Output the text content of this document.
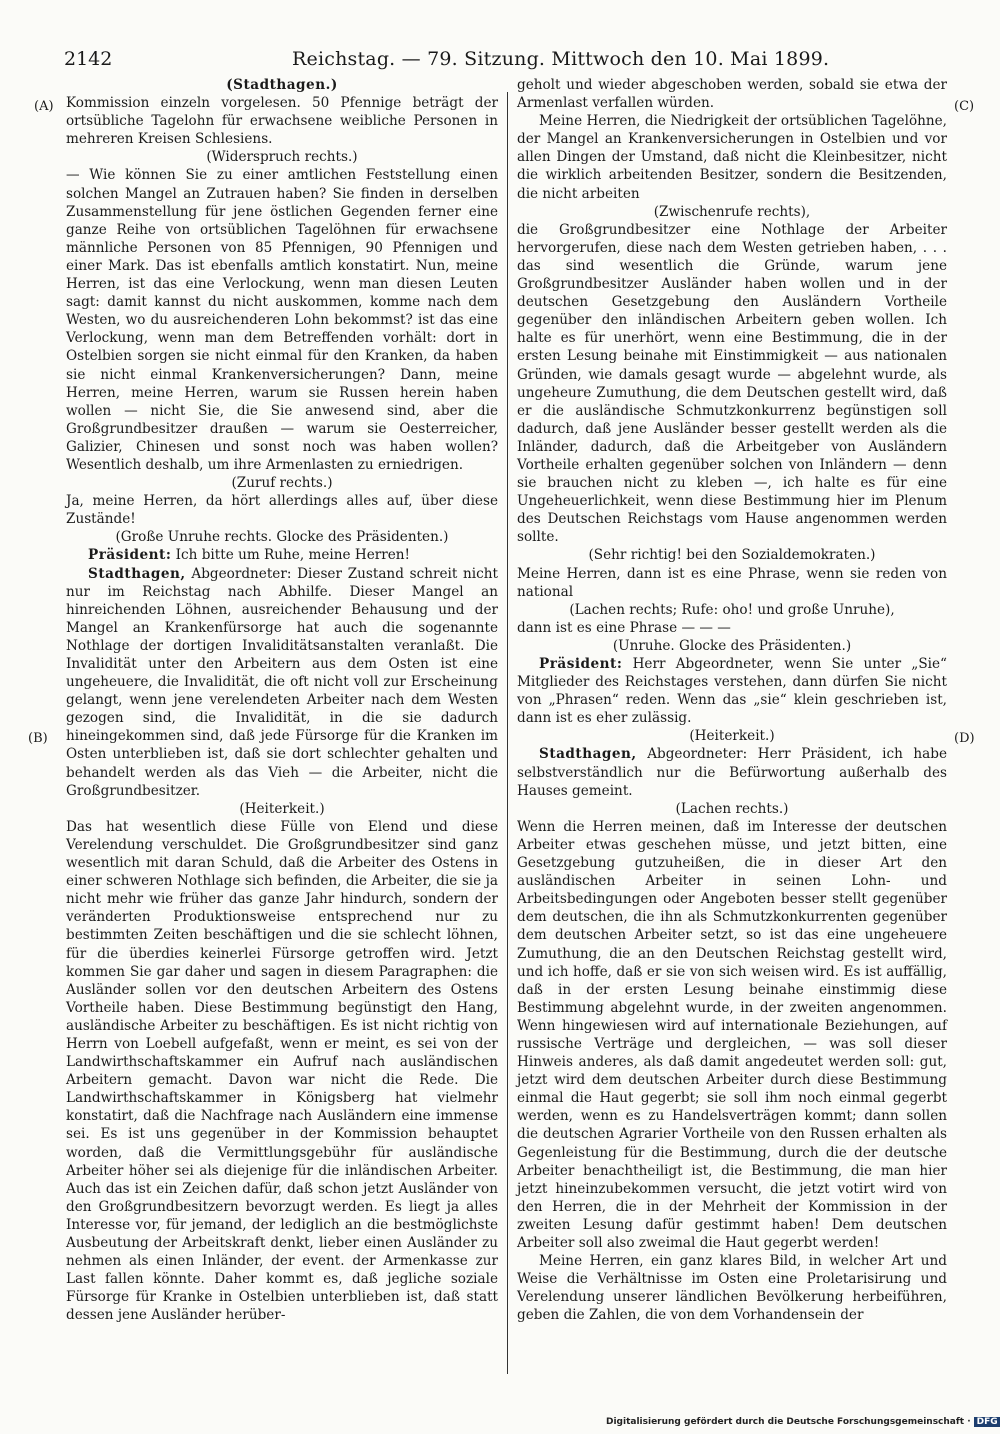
2142	Reichstag. — 79. Sitzung. Mittwoch den 10. Mai 1899.
(A)
(B)
(C)
(D)

(Stadthagen.)

Kommission einzeln vorgelesen. 50 Pfennige beträgt der ortsübliche Tagelohn für erwachsene weibliche Personen in mehreren Kreisen Schlesiens.

(Widerspruch rechts.)

— Wie können Sie zu einer amtlichen Feststellung einen solchen Mangel an Zutrauen haben? Sie finden in derselben Zusammenstellung für jene östlichen Gegenden ferner eine ganze Reihe von ortsüblichen Tagelöhnen für erwachsene männliche Personen von 85 Pfennigen, 90 Pfennigen und einer Mark. Das ist ebenfalls amtlich konstatirt. Nun, meine Herren, ist das eine Verlockung, wenn man diesen Leuten sagt: damit kannst du nicht auskommen, komme nach dem Westen, wo du ausreichenderen Lohn bekommst? ist das eine Verlockung, wenn man dem Betreffenden vorhält: dort in Ostelbien sorgen sie nicht einmal für den Kranken, da haben sie nicht einmal Krankenversicherungen? Dann, meine Herren, meine Herren, warum sie Russen herein haben wollen — nicht Sie, die Sie anwesend sind, aber die Großgrundbesitzer draußen — warum sie Oesterreicher, Galizier, Chinesen und sonst noch was haben wollen? Wesentlich deshalb, um ihre Armenlasten zu erniedrigen.

(Zuruf rechts.)

Ja, meine Herren, da hört allerdings alles auf, über diese Zustände!

(Große Unruhe rechts. Glocke des Präsidenten.)

Präsident: Ich bitte um Ruhe, meine Herren!

Stadthagen, Abgeordneter: Dieser Zustand schreit nicht nur im Reichstag nach Abhilfe. Dieser Mangel an hinreichenden Löhnen, ausreichender Behausung und der Mangel an Krankenfürsorge hat auch die sogenannte Nothlage der dortigen Invaliditätsanstalten veranlaßt. Die Invalidität unter den Arbeitern aus dem Osten ist eine ungeheuere, die Invalidität, die oft nicht voll zur Erscheinung gelangt, wenn jene verelendeten Arbeiter nach dem Westen gezogen sind, die Invalidität, in die sie dadurch hineingekommen sind, daß jede Fürsorge für die Kranken im Osten unterblieben ist, daß sie dort schlechter gehalten und behandelt werden als das Vieh — die Arbeiter, nicht die Großgrundbesitzer.

(Heiterkeit.)

Das hat wesentlich diese Fülle von Elend und diese Verelendung verschuldet. Die Großgrundbesitzer sind ganz wesentlich mit daran Schuld, daß die Arbeiter des Ostens in einer schweren Nothlage sich befinden, die Arbeiter, die sie ja nicht mehr wie früher das ganze Jahr hindurch, sondern der veränderten Produktionsweise entsprechend nur zu bestimmten Zeiten beschäftigen und die sie schlecht löhnen, für die überdies keinerlei Fürsorge getroffen wird. Jetzt kommen Sie gar daher und sagen in diesem Paragraphen: die Ausländer sollen vor den deutschen Arbeitern des Ostens Vortheile haben. Diese Bestimmung begünstigt den Hang, ausländische Arbeiter zu beschäftigen. Es ist nicht richtig von Herrn von Loebell aufgefaßt, wenn er meint, es sei von der Landwirthschaftskammer ein Aufruf nach ausländischen Arbeitern gemacht. Davon war nicht die Rede. Die Landwirthschaftskammer in Königsberg hat vielmehr konstatirt, daß die Nachfrage nach Ausländern eine immense sei. Es ist uns gegenüber in der Kommission behauptet worden, daß die Vermittlungsgebühr für ausländische Arbeiter höher sei als diejenige für die inländischen Arbeiter. Auch das ist ein Zeichen dafür, daß schon jetzt Ausländer von den Großgrundbesitzern bevorzugt werden. Es liegt ja alles Interesse vor, für jemand, der lediglich an die bestmöglichste Ausbeutung der Arbeitskraft denkt, lieber einen Ausländer zu nehmen als einen Inländer, der event. der Armenkasse zur Last fallen könnte. Daher kommt es, daß jegliche soziale Fürsorge für Kranke in Ostelbien unterblieben ist, daß statt dessen jene Ausländer herüber-

geholt und wieder abgeschoben werden, sobald sie etwa der Armenlast verfallen würden.

Meine Herren, die Niedrigkeit der ortsüblichen Tagelöhne, der Mangel an Krankenversicherungen in Ostelbien und vor allen Dingen der Umstand, daß nicht die Kleinbesitzer, nicht die wirklich arbeitenden Besitzer, sondern die Besitzenden, die nicht arbeiten

(Zwischenrufe rechts),

die Großgrundbesitzer eine Nothlage der Arbeiter hervorgerufen, diese nach dem Westen getrieben haben, . . . das sind wesentlich die Gründe, warum jene Großgrundbesitzer Ausländer haben wollen und in der deutschen Gesetzgebung den Ausländern Vortheile gegenüber den inländischen Arbeitern geben wollen. Ich halte es für unerhört, wenn eine Bestimmung, die in der ersten Lesung beinahe mit Einstimmigkeit — aus nationalen Gründen, wie damals gesagt wurde — abgelehnt wurde, als ungeheure Zumuthung, die dem Deutschen gestellt wird, daß er die ausländische Schmutzkonkurrenz begünstigen soll dadurch, daß jene Ausländer besser gestellt werden als die Inländer, dadurch, daß die Arbeitgeber von Ausländern Vortheile erhalten gegenüber solchen von Inländern — denn sie brauchen nicht zu kleben —, ich halte es für eine Ungeheuerlichkeit, wenn diese Bestimmung hier im Plenum des Deutschen Reichstags vom Hause angenommen werden sollte.

(Sehr richtig! bei den Sozialdemokraten.)

Meine Herren, dann ist es eine Phrase, wenn sie reden von national

(Lachen rechts; Rufe: oho! und große Unruhe),

dann ist es eine Phrase — — —

(Unruhe. Glocke des Präsidenten.)

Präsident: Herr Abgeordneter, wenn Sie unter „Sie“ Mitglieder des Reichstages verstehen, dann dürfen Sie nicht von „Phrasen“ reden. Wenn das „sie“ klein geschrieben ist, dann ist es eher zulässig.

(Heiterkeit.)

Stadthagen, Abgeordneter: Herr Präsident, ich habe selbstverständlich nur die Befürwortung außerhalb des Hauses gemeint.

(Lachen rechts.)

Wenn die Herren meinen, daß im Interesse der deutschen Arbeiter etwas geschehen müsse, und jetzt bitten, eine Gesetzgebung gutzuheißen, die in dieser Art den ausländischen Arbeiter in seinen Lohn- und Arbeitsbedingungen oder Angeboten besser stellt gegenüber dem deutschen, die ihn als Schmutzkonkurrenten gegenüber dem deutschen Arbeiter setzt, so ist das eine ungeheuere Zumuthung, die an den Deutschen Reichstag gestellt wird, und ich hoffe, daß er sie von sich weisen wird. Es ist auffällig, daß in der ersten Lesung beinahe einstimmig diese Bestimmung abgelehnt wurde, in der zweiten angenommen. Wenn hingewiesen wird auf internationale Beziehungen, auf russische Verträge und dergleichen, — was soll dieser Hinweis anderes, als daß damit angedeutet werden soll: gut, jetzt wird dem deutschen Arbeiter durch diese Bestimmung einmal die Haut gegerbt; sie soll ihm noch einmal gegerbt werden, wenn es zu Handelsverträgen kommt; dann sollen die deutschen Agrarier Vortheile von den Russen erhalten als Gegenleistung für die Bestimmung, durch die der deutsche Arbeiter benachtheiligt ist, die Bestimmung, die man hier jetzt hineinzubekommen versucht, die jetzt votirt wird von den Herren, die in der Mehrheit der Kommission in der zweiten Lesung dafür gestimmt haben! Dem deutschen Arbeiter soll also zweimal die Haut gegerbt werden!

Meine Herren, ein ganz klares Bild, in welcher Art und Weise die Verhältnisse im Osten eine Proletarisirung und Verelendung unserer ländlichen Bevölkerung herbeiführen, geben die Zahlen, die von dem Vorhandensein der

Digitalisierung gefördert durch die Deutsche Forschungsgemeinschaft · DFG
